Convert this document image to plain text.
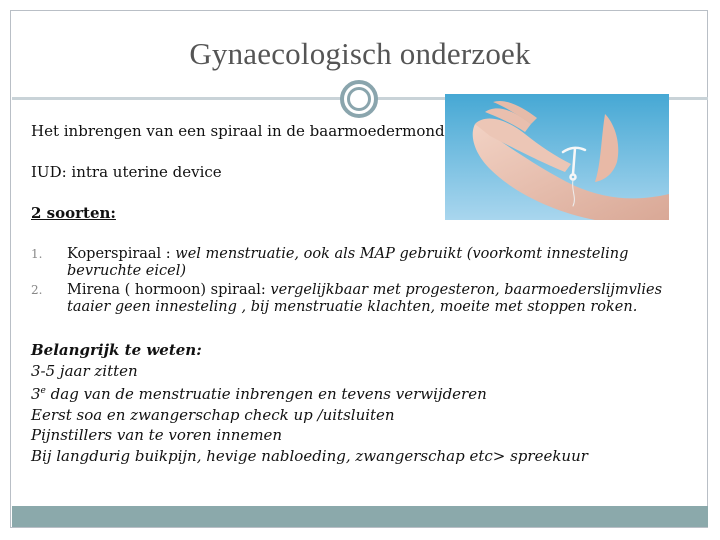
Gynaecologisch onderzoek
Het inbrengen van een spiraal in de baarmoedermond
IUD: intra uterine device
2 soorten:
1. Koperspiraal : wel menstruatie, ook als MAP gebruikt (voorkomt innesteling
bevruchte eicel)
2. Mirena ( hormoon) spiraal: vergelijkbaar met progesteron, baarmoederslijmvlies
taaier geen innesteling , bij menstruatie klachten, moeite met stoppen roken.
Belangrijk te weten:
3-5 jaar zitten
3e dag van de menstruatie inbrengen en tevens verwijderen
Eerst soa en zwangerschap check up /uitsluiten
Pijnstillers van te voren innemen
Bij langdurig buikpijn, hevige nabloeding, zwangerschap etc> spreekuur
